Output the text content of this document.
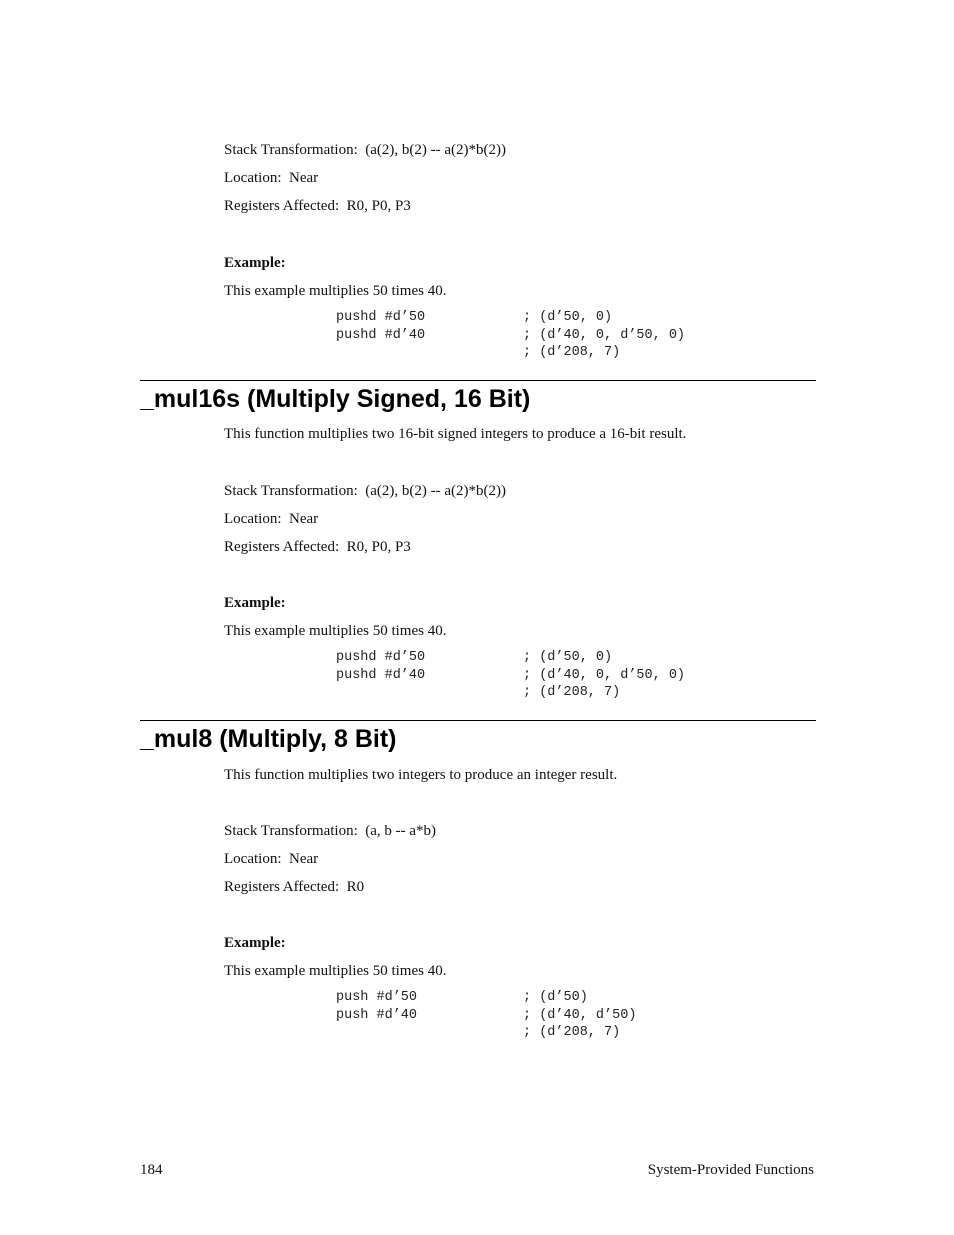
Stack Transformation:  (a(2), b(2) -- a(2)*b(2))
Location:  Near
Registers Affected:  R0, P0, P3
Example:
This example multiplies 50 times 40.
pushd #d’50	; (d’50, 0)
pushd #d’40	; (d’40, 0, d’50, 0)
; (d’208, 7)
_mul16s (Multiply Signed, 16 Bit)
This function multiplies two 16-bit signed integers to produce a 16-bit result.
Stack Transformation:  (a(2), b(2) -- a(2)*b(2))
Location:  Near
Registers Affected:  R0, P0, P3
Example:
This example multiplies 50 times 40.
pushd #d’50	; (d’50, 0)
pushd #d’40	; (d’40, 0, d’50, 0)
; (d’208, 7)
_mul8 (Multiply, 8 Bit)
This function multiplies two integers to produce an integer result.
Stack Transformation:  (a, b -- a*b)
Location:  Near
Registers Affected:  R0
Example:
This example multiplies 50 times 40.
push #d’50	; (d’50)
push #d’40	; (d’40, d’50)
; (d’208, 7)
184	System-Provided Functions
